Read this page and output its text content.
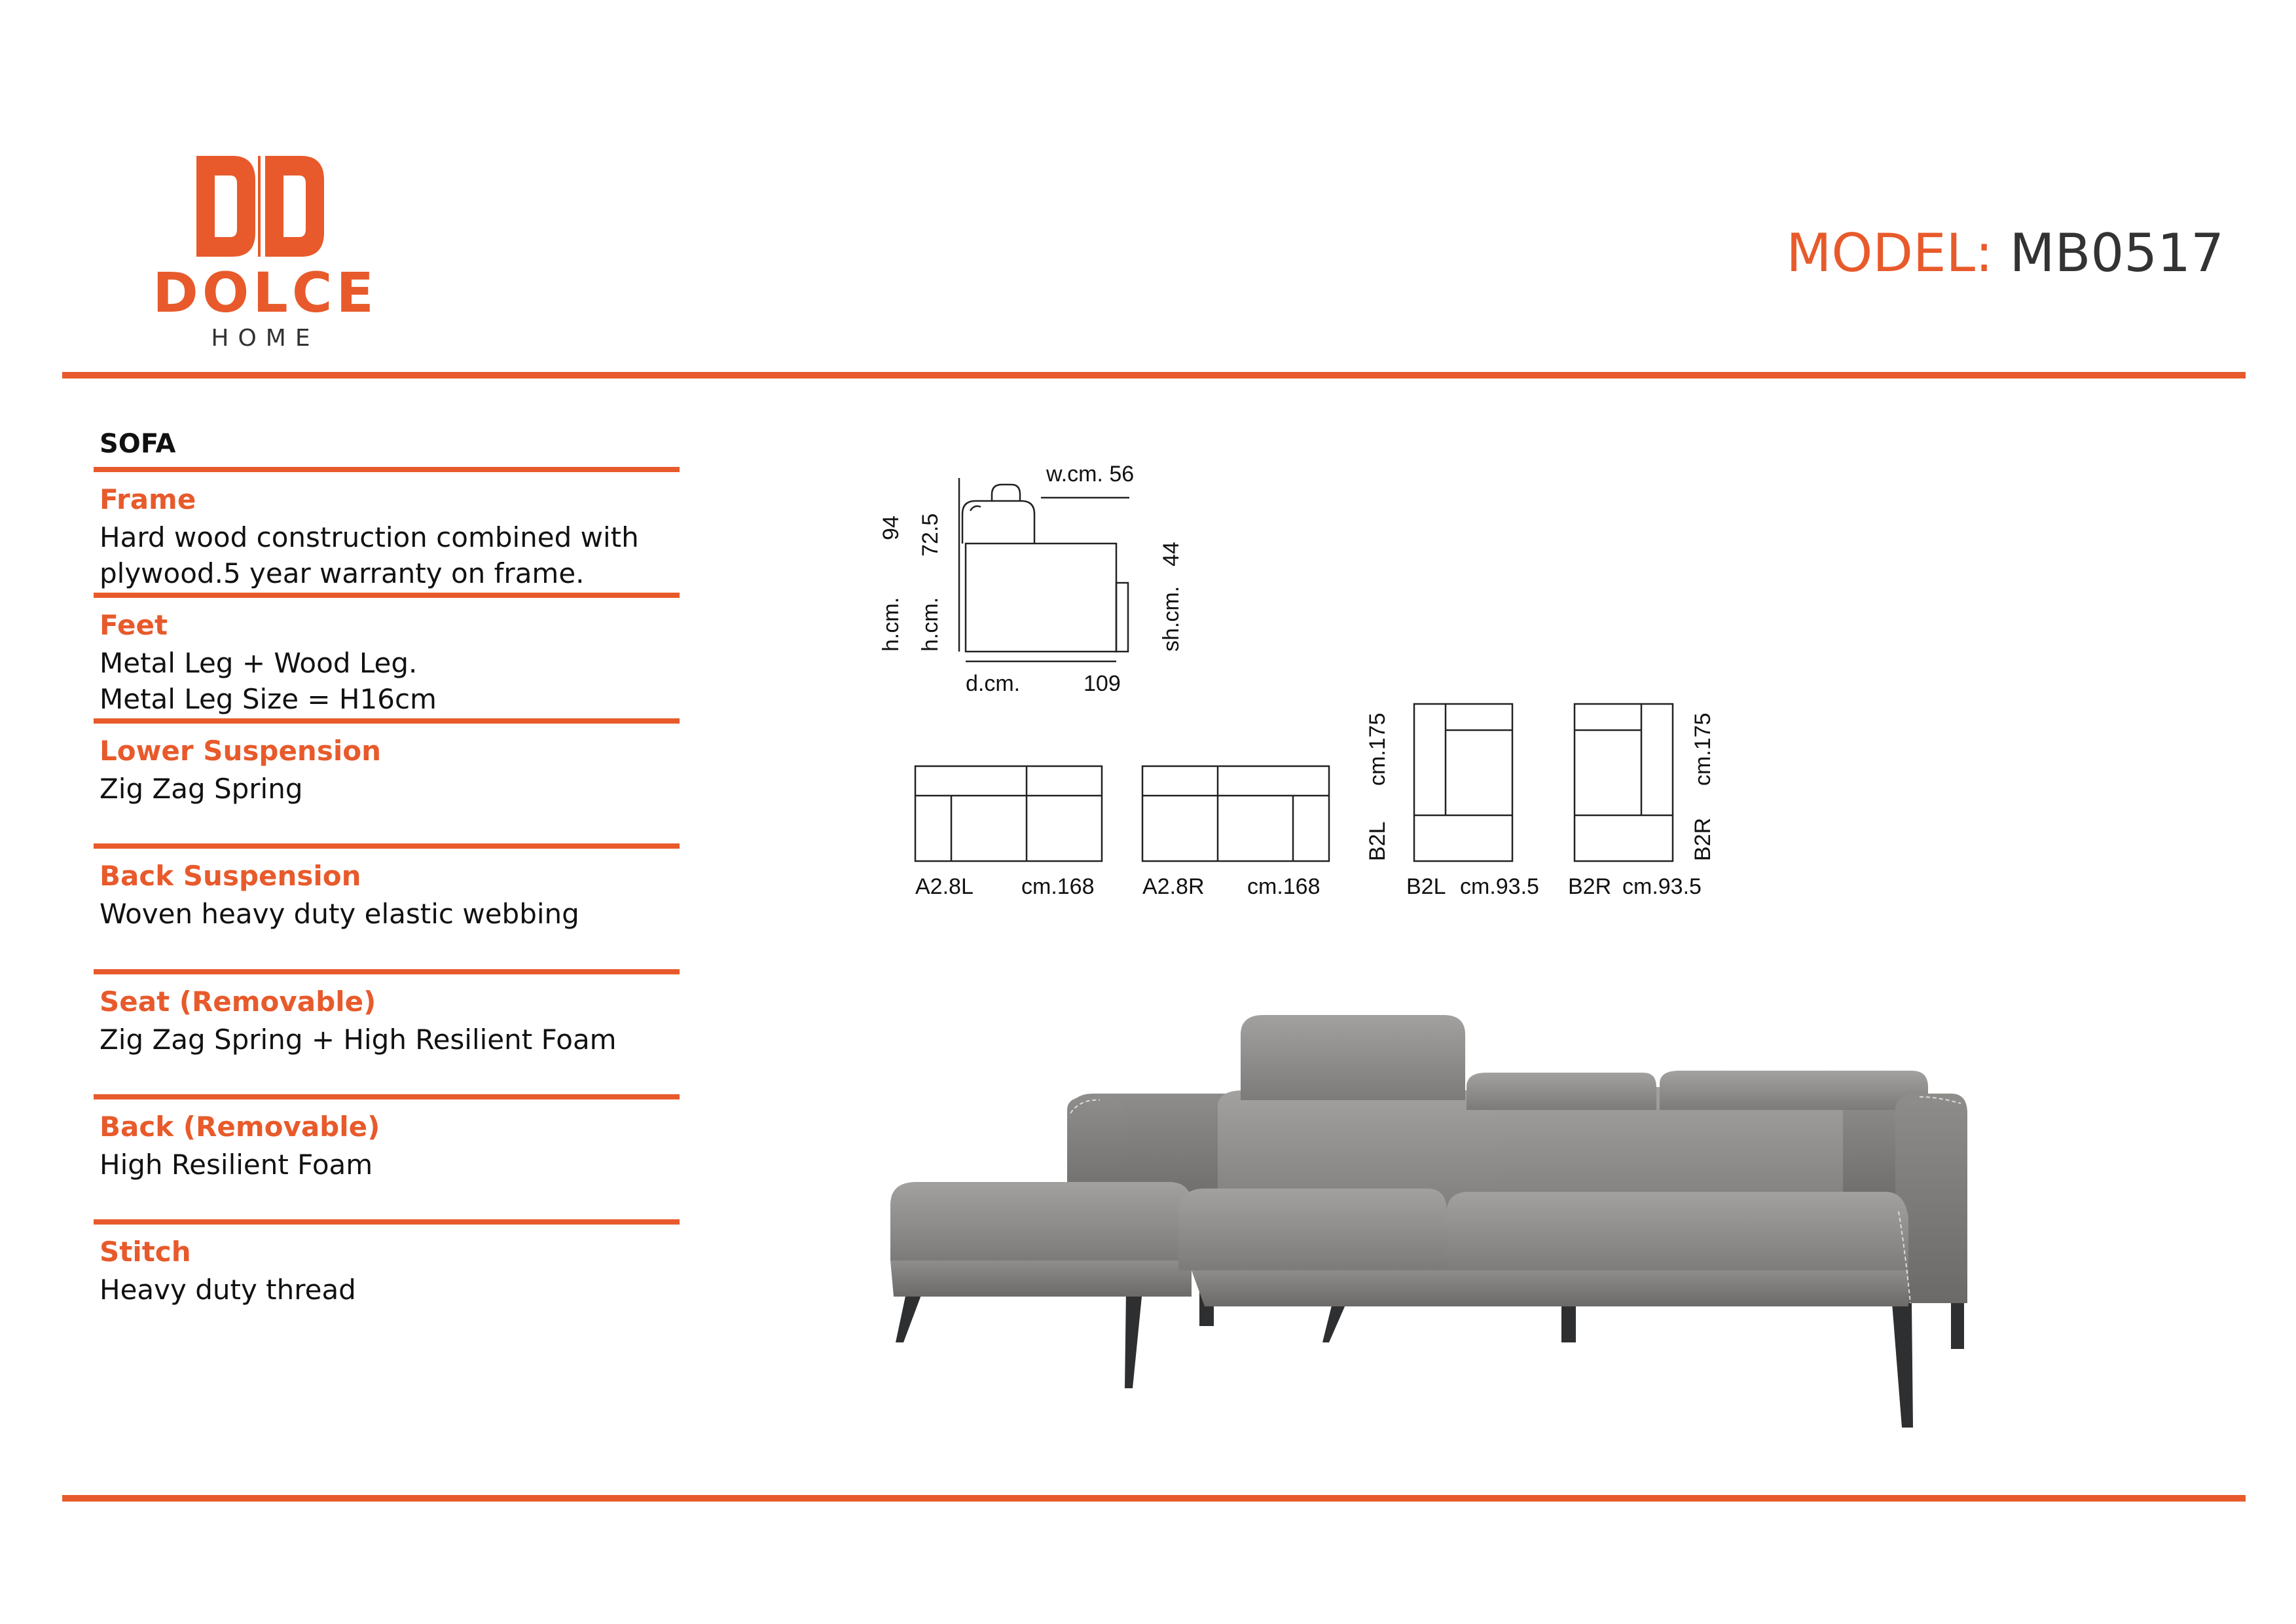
DOLCE
HOME
MODEL: MB0517
SOFA
Frame
Hard wood construction combined with
plywood.5 year warranty on frame.
Feet
Metal Leg + Wood Leg.
Metal Leg Size = H16cm
Lower Suspension
Zig Zag Spring
Back Suspension
Woven heavy duty elastic webbing
Seat (Removable)
Zig Zag Spring + High Resilient Foam
Back (Removable)
High Resilient Foam
Stitch
Heavy duty thread
w.cm. 56
h.cm.
94
h.cm.
72.5
sh.cm.
44
d.cm.	109
A2.8L cm.168 A2.8R cm.168	B2L cm.93.5 B2R cm.93.5
B2L
cm.175
B2R
cm.175
